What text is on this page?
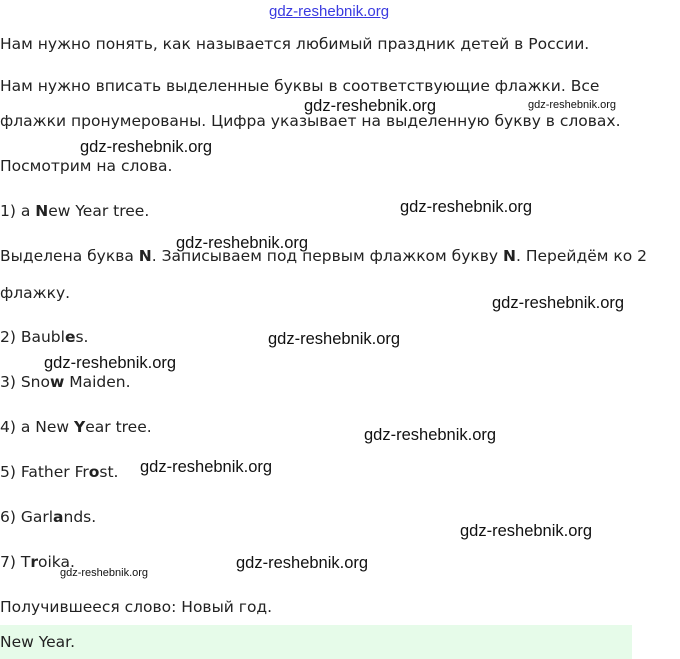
gdz-reshebnik.org
Нам нужно понять, как называется любимый праздник детей в России.
Нам нужно вписать выделенные буквы в соответствующие флажки. Все
флажки пронумерованы. Цифра указывает на выделенную букву в словах.
Посмотрим на слова.
1) a New Year tree.
Выделена буква N. Записываем под первым флажком букву N. Перейдём ко 2
флажку.
2) Baubles.
3) Snow Maiden.
4) a New Year tree.
5) Father Frost.
6) Garlands.
7) Troika.
Получившееся слово: Новый год.
New Year.
gdz-reshebnik.org	gdz-reshebnik.org
gdz-reshebnik.org
gdz-reshebnik.org
gdz-reshebnik.org
gdz-reshebnik.org
gdz-reshebnik.org
gdz-reshebnik.org
gdz-reshebnik.org
gdz-reshebnik.org
gdz-reshebnik.org
gdz-reshebnik.org
gdz-reshebnik.org
